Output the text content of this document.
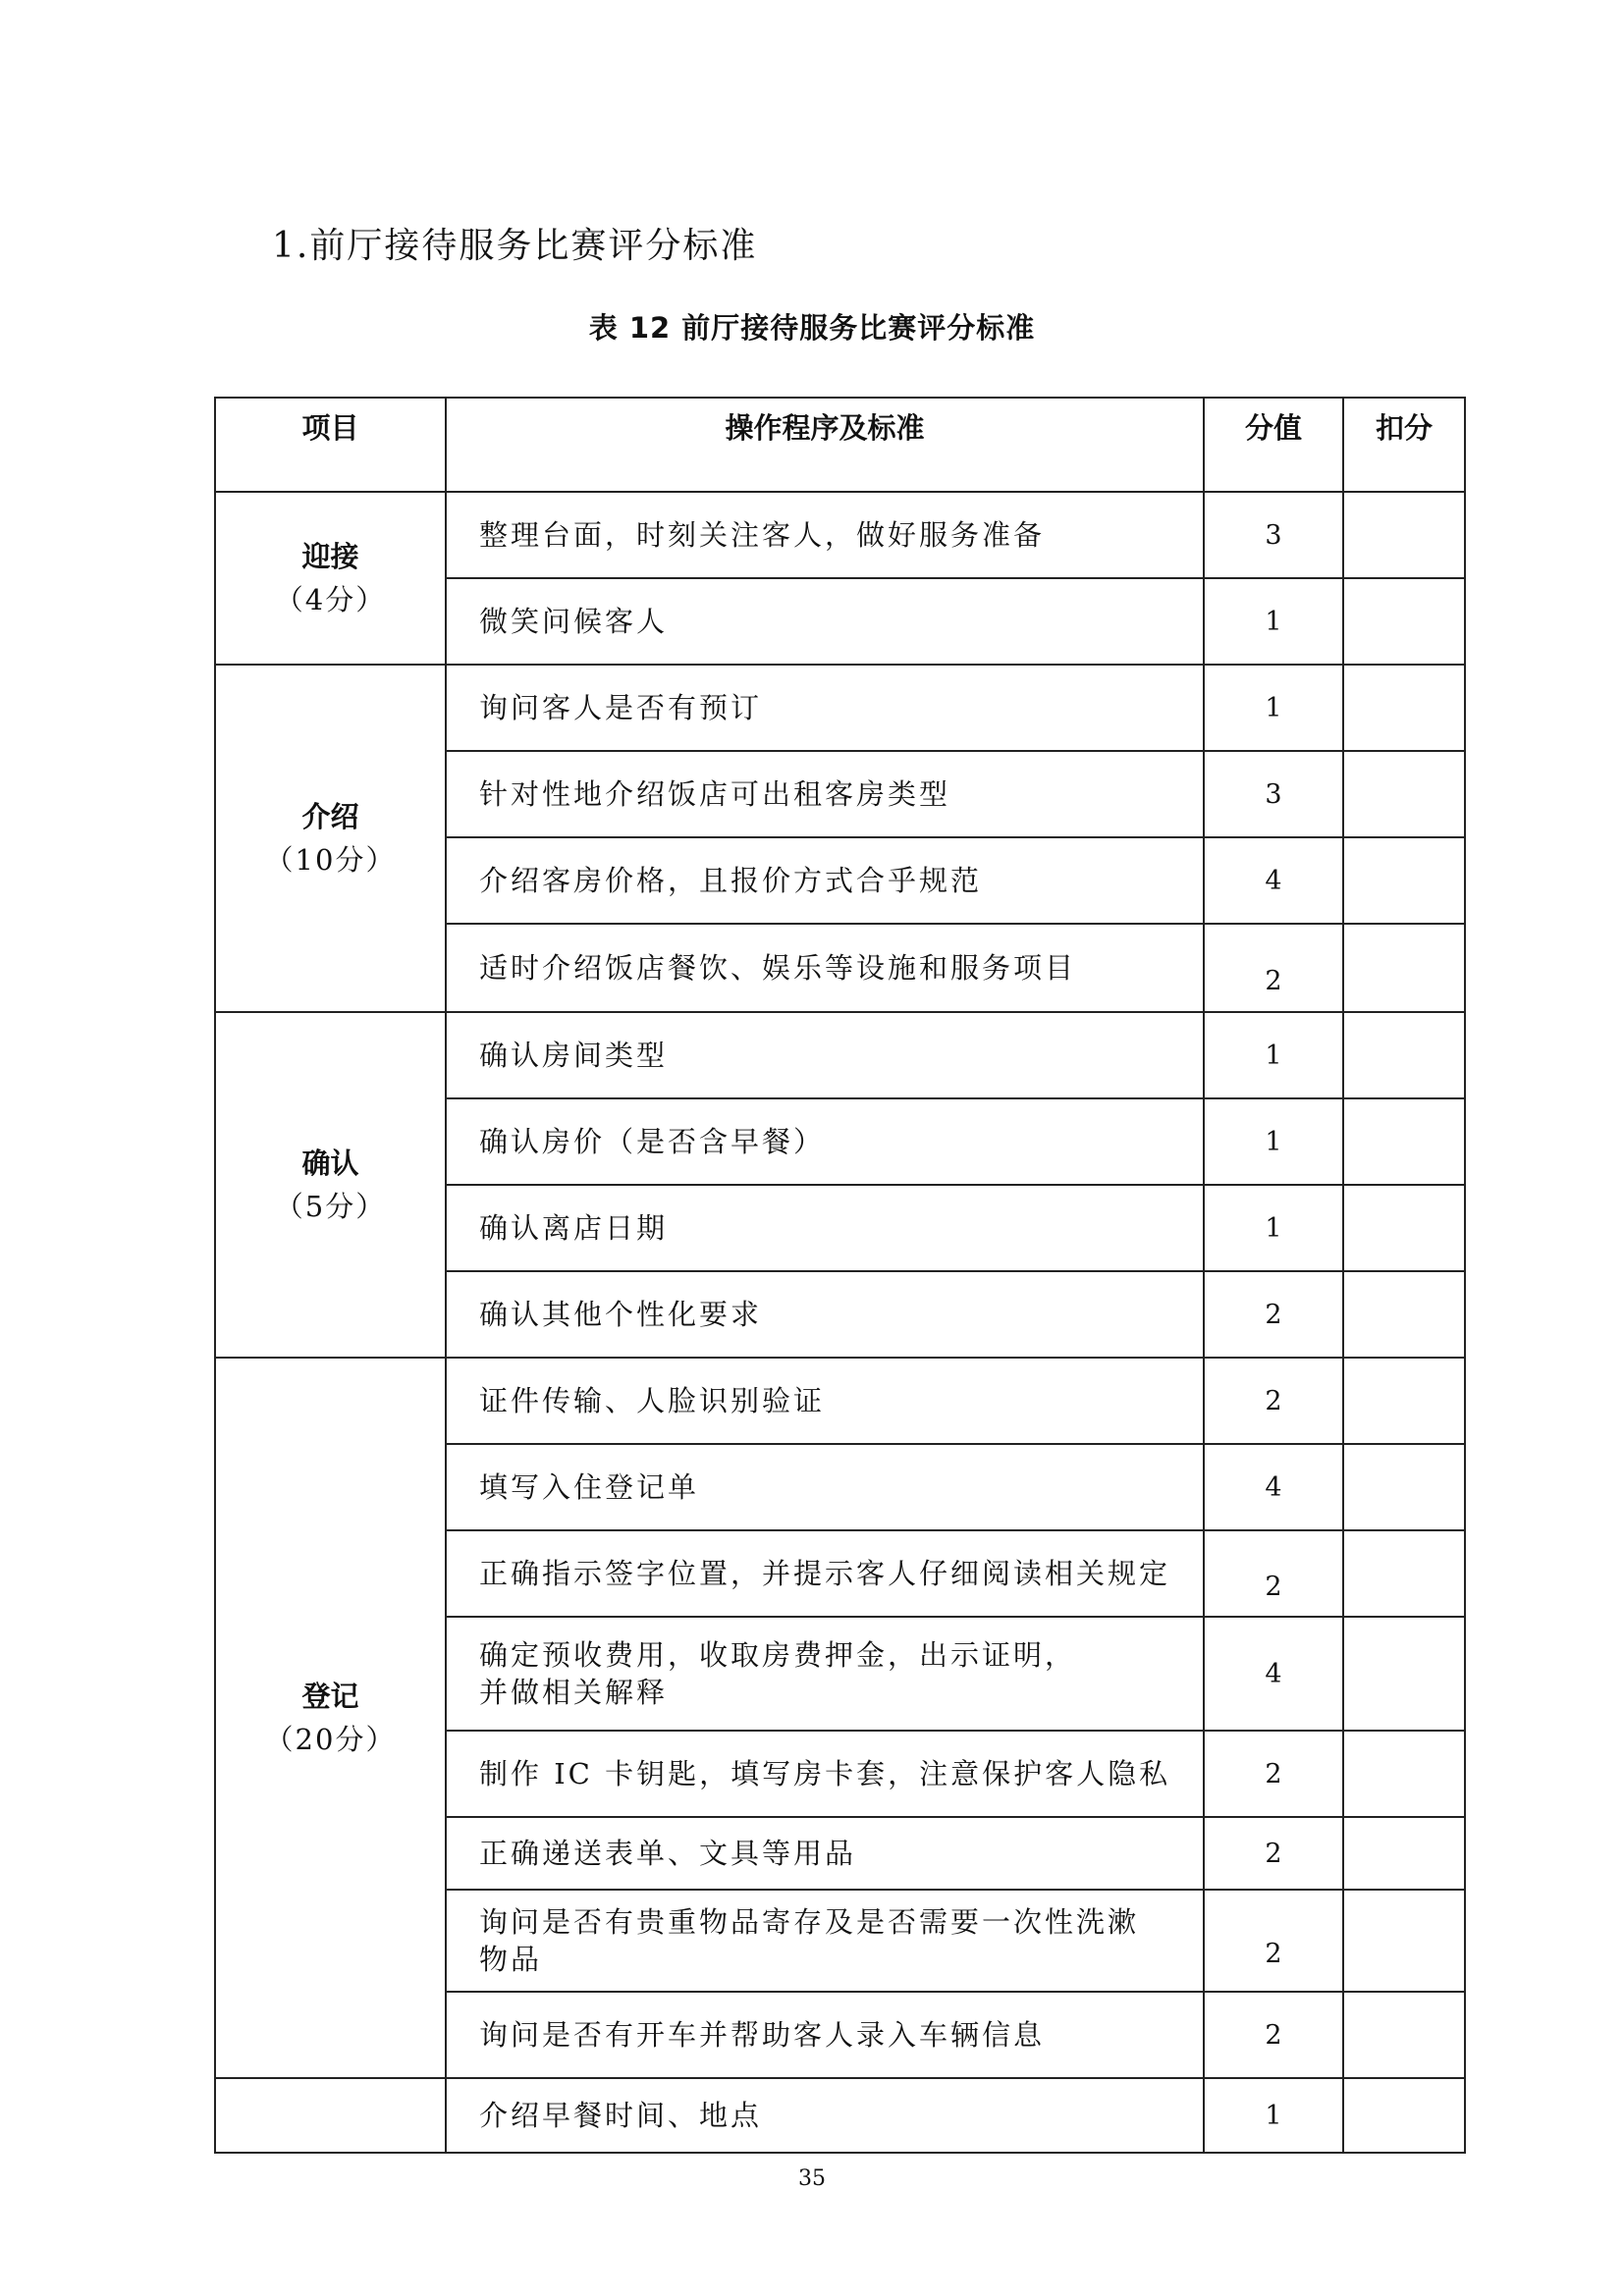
1.前厅接待服务比赛评分标准
表 12 前厅接待服务比赛评分标准
项目	操作程序及标准	分值	扣分

迎接
（4分）	整理台面，时刻关注客人，做好服务准备	3	

	微笑问候客人	1	

介绍
（10分）	询问客人是否有预订	1	

	针对性地介绍饭店可出租客房类型	3	

	介绍客房价格，且报价方式合乎规范	4	

	适时介绍饭店餐饮、娱乐等设施和服务项目	2	

确认
（5分）	确认房间类型	1	

	确认房价（是否含早餐）	1	

	确认离店日期	1	

	确认其他个性化要求	2	

登记
（20分）	证件传输、人脸识别验证	2	

	填写入住登记单	4	

	正确指示签字位置，并提示客人仔细阅读相关规定	2	

	确定预收费用，收取房费押金，出示证明，
并做相关解释	4	

	制作 IC 卡钥匙，填写房卡套，注意保护客人隐私	2	

	正确递送表单、文具等用品	2	

	询问是否有贵重物品寄存及是否需要一次性洗漱
物品	2	

	询问是否有开车并帮助客人录入车辆信息	2	

	介绍早餐时间、地点	1	
35
